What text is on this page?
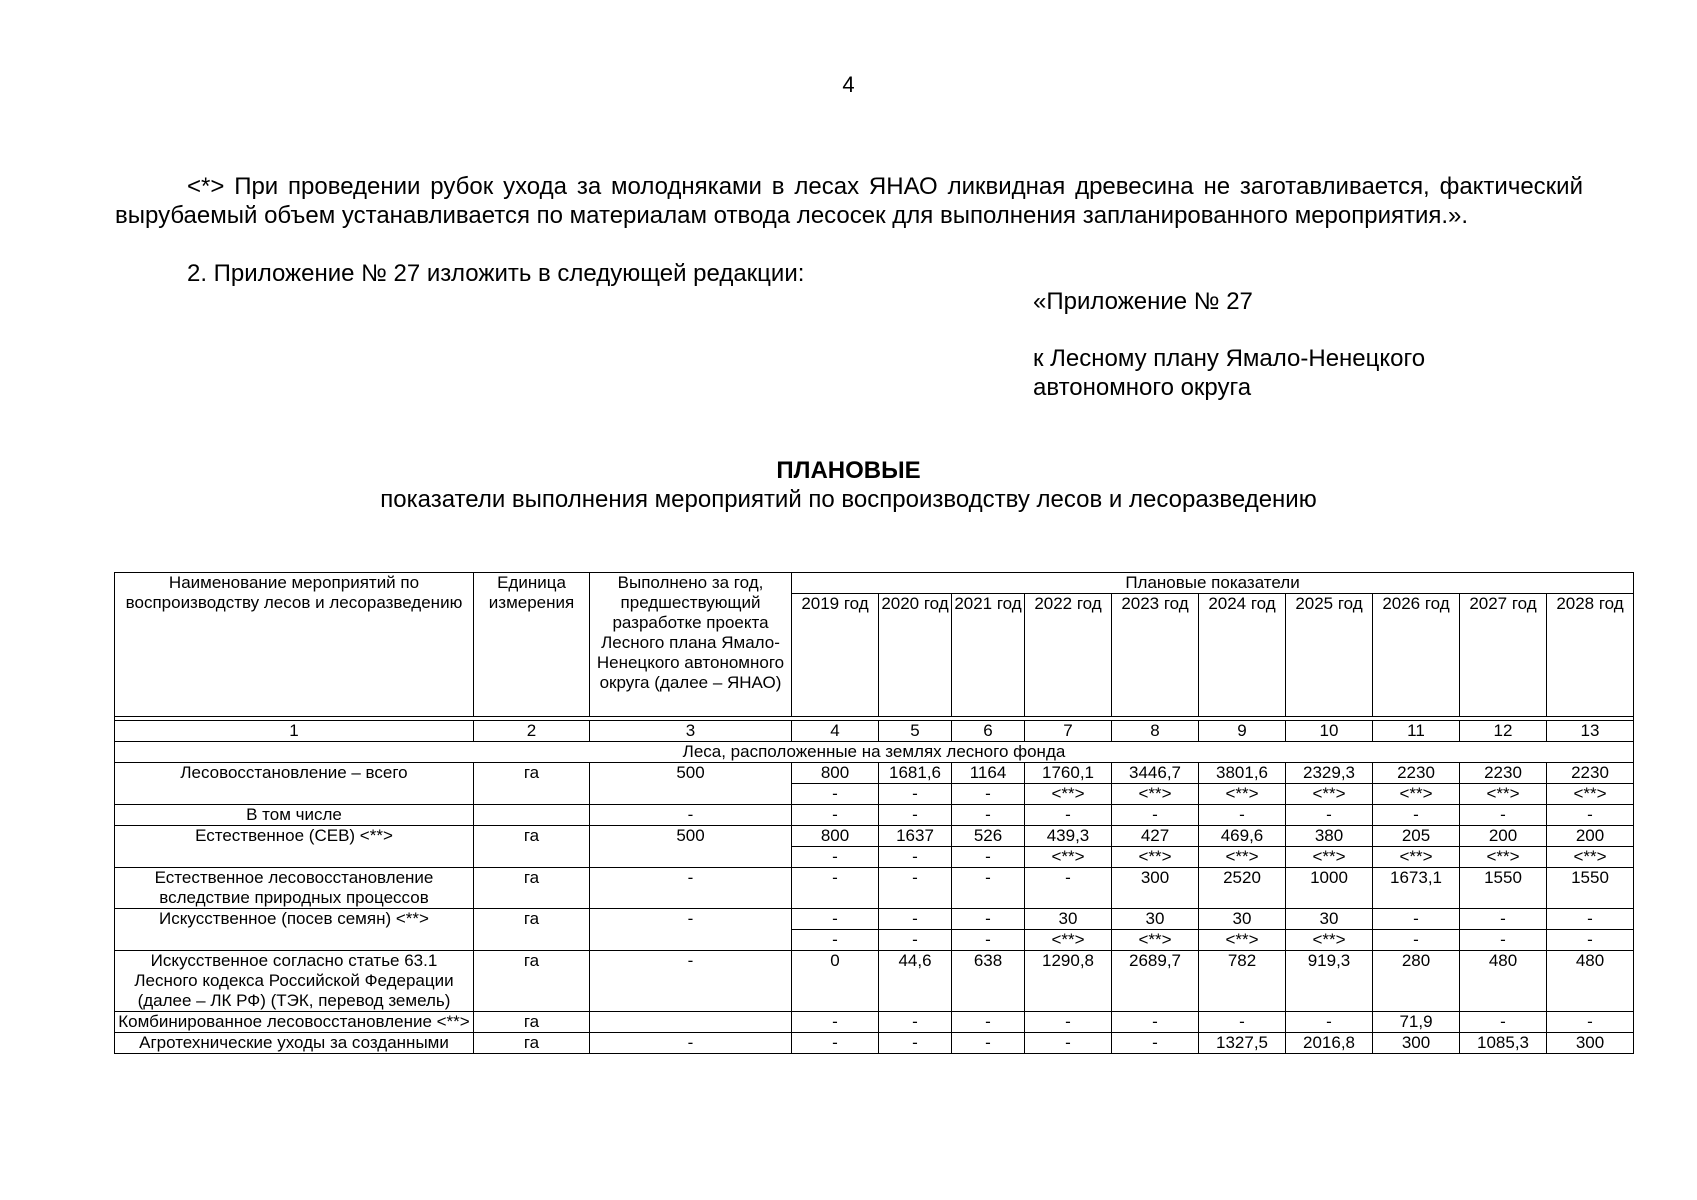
4
<*> При проведении рубок ухода за молодняками в лесах ЯНАО ликвидная древесина не заготавливается, фактический вырубаемый объем устанавливается по материалам отвода лесосек для выполнения запланированного мероприятия.».
2. Приложение № 27 изложить в следующей редакции:
«Приложение № 27
к Лесному плану Ямало-Ненецкого
автономного округа
ПЛАНОВЫЕ
показатели выполнения мероприятий по воспроизводству лесов и лесоразведению
Наименование мероприятий по воспроизводству лесов и лесоразведению	Единица измерения	Выполнено за год, предшествующий разработке проекта Лесного плана Ямало-Ненецкого автономного округа (далее – ЯНАО)	Плановые показатели									
			2019 год	2020 год	2021 год	2022 год	2023 год	2024 год	2025 год	2026 год	2027 год	2028 год

1	2	3	4	5	6	7	8	9	10	11	12	13
Леса, расположенные на землях лесного фонда												
Лесовосстановление – всего	га	500	800	1681,6	1164	1760,1	3446,7	3801,6	2329,3	2230	2230	2230
			-	-	-	<**>	<**>	<**>	<**>	<**>	<**>	<**>
В том числе		-	-	-	-	-	-	-	-	-	-	-
Естественное (СЕВ) <**>	га	500	800	1637	526	439,3	427	469,6	380	205	200	200
			-	-	-	<**>	<**>	<**>	<**>	<**>	<**>	<**>
Естественное лесовосстановление вследствие природных процессов	га	-	-	-	-	-	300	2520	1000	1673,1	1550	1550
Искусственное (посев семян) <**>	га	-	-	-	-	30	30	30	30	-	-	-
			-	-	-	<**>	<**>	<**>	<**>	-	-	-
Искусственное согласно статье 63.1 Лесного кодекса Российской Федерации (далее – ЛК РФ) (ТЭК, перевод земель)	га	-	0	44,6	638	1290,8	2689,7	782	919,3	280	480	480
Комбинированное лесовосстановление <**>	га		-	-	-	-	-	-	-	71,9	-	-
Агротехнические уходы за созданными	га	-	-	-	-	-	-	1327,5	2016,8	300	1085,3	300
